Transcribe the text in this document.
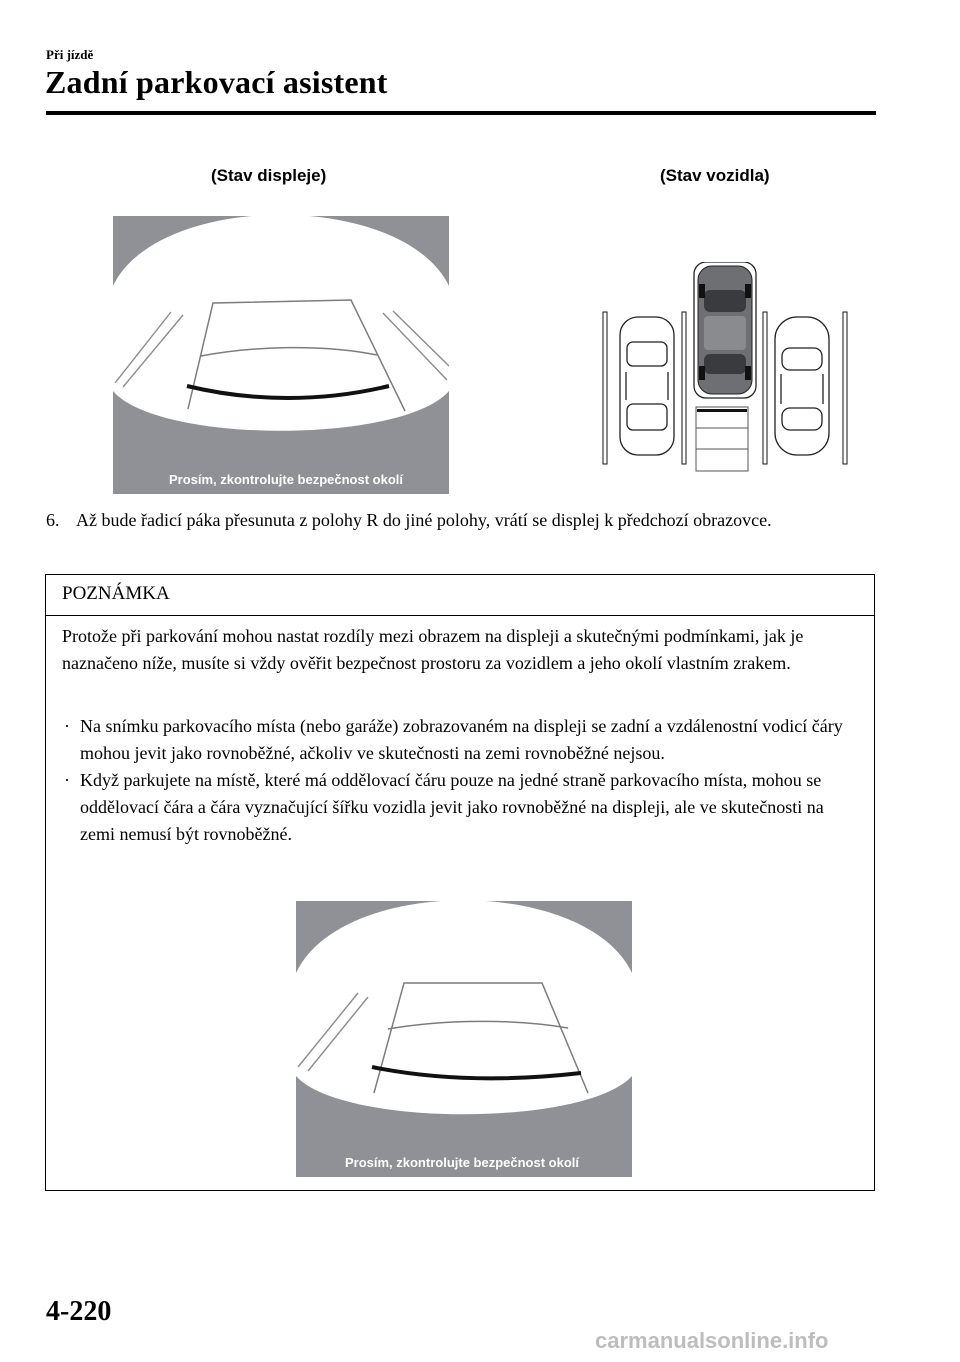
Při jízdě
Zadní parkovací asistent
(Stav displeje)	(Stav vozidla)
Prosím, zkontrolujte bezpečnost okolí
6. Až bude řadicí páka přesunuta z polohy R do jiné polohy, vrátí se displej k předchozí obrazovce.
POZNÁMKA
Protože při parkování mohou nastat rozdíly mezi obrazem na displeji a skutečnými podmínkami, jak je naznačeno níže, musíte si vždy ověřit bezpečnost prostoru za vozidlem a jeho okolí vlastním zrakem.
· Na snímku parkovacího místa (nebo garáže) zobrazovaném na displeji se zadní a vzdálenostní vodicí čáry mohou jevit jako rovnoběžné, ačkoliv ve skutečnosti na zemi rovnoběžné nejsou.
· Když parkujete na místě, které má oddělovací čáru pouze na jedné straně parkovacího místa, mohou se oddělovací čára a čára vyznačující šířku vozidla jevit jako rovnoběžné na displeji, ale ve skutečnosti na zemi nemusí být rovnoběžné.
Prosím, zkontrolujte bezpečnost okolí
4-220
carmanualsonline.info
